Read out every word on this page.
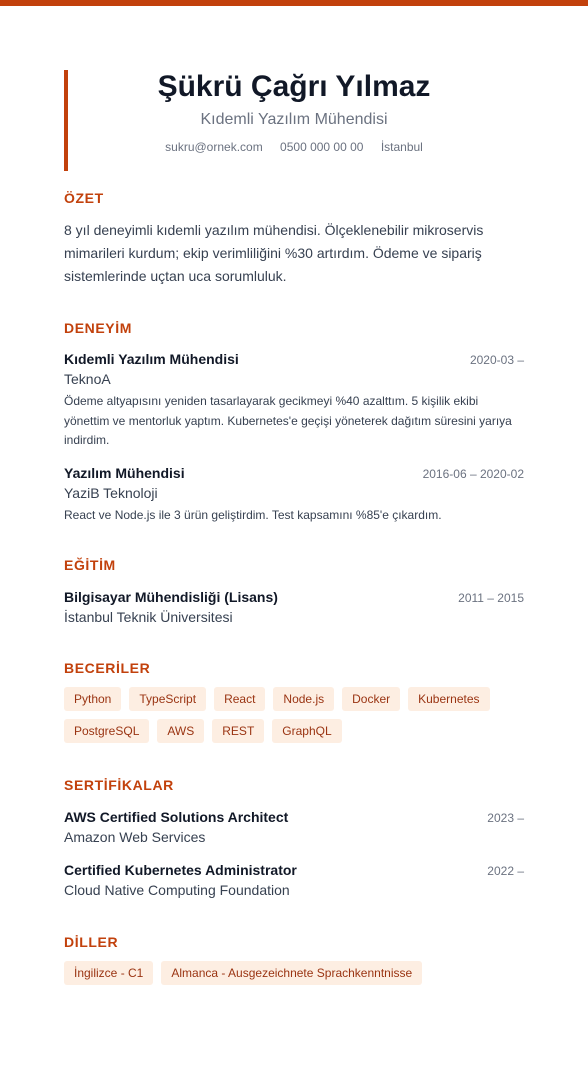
Şükrü Çağrı Yılmaz
Kıdemli Yazılım Mühendisi
sukru@ornek.com 0500 000 00 00 İstanbul
ÖZET
8 yıl deneyimli kıdemli yazılım mühendisi. Ölçeklenebilir mikroservis mimarileri kurdum; ekip verimliliğini %30 artırdım. Ödeme ve sipariş sistemlerinde uçtan uca sorumluluk.
DENEYİM
Kıdemli Yazılım Mühendisi	2020-03 –
TeknoA
Ödeme altyapısını yeniden tasarlayarak gecikmeyi %40 azalttım. 5 kişilik ekibi yönettim ve mentorluk yaptım. Kubernetes'e geçişi yöneterek dağıtım süresini yarıya indirdim.
Yazılım Mühendisi	2016-06 – 2020-02
YaziB Teknoloji
React ve Node.js ile 3 ürün geliştirdim. Test kapsamını %85'e çıkardım.
EĞİTİM
Bilgisayar Mühendisliği (Lisans)	2011 – 2015
İstanbul Teknik Üniversitesi
BECERİLER
Python	TypeScript	React	Node.js	Docker	Kubernetes
PostgreSQL	AWS	REST	GraphQL
SERTİFİKALAR
AWS Certified Solutions Architect	2023 –
Amazon Web Services
Certified Kubernetes Administrator	2022 –
Cloud Native Computing Foundation
DİLLER
İngilizce - C1	Almanca - Ausgezeichnete Sprachkenntnisse
